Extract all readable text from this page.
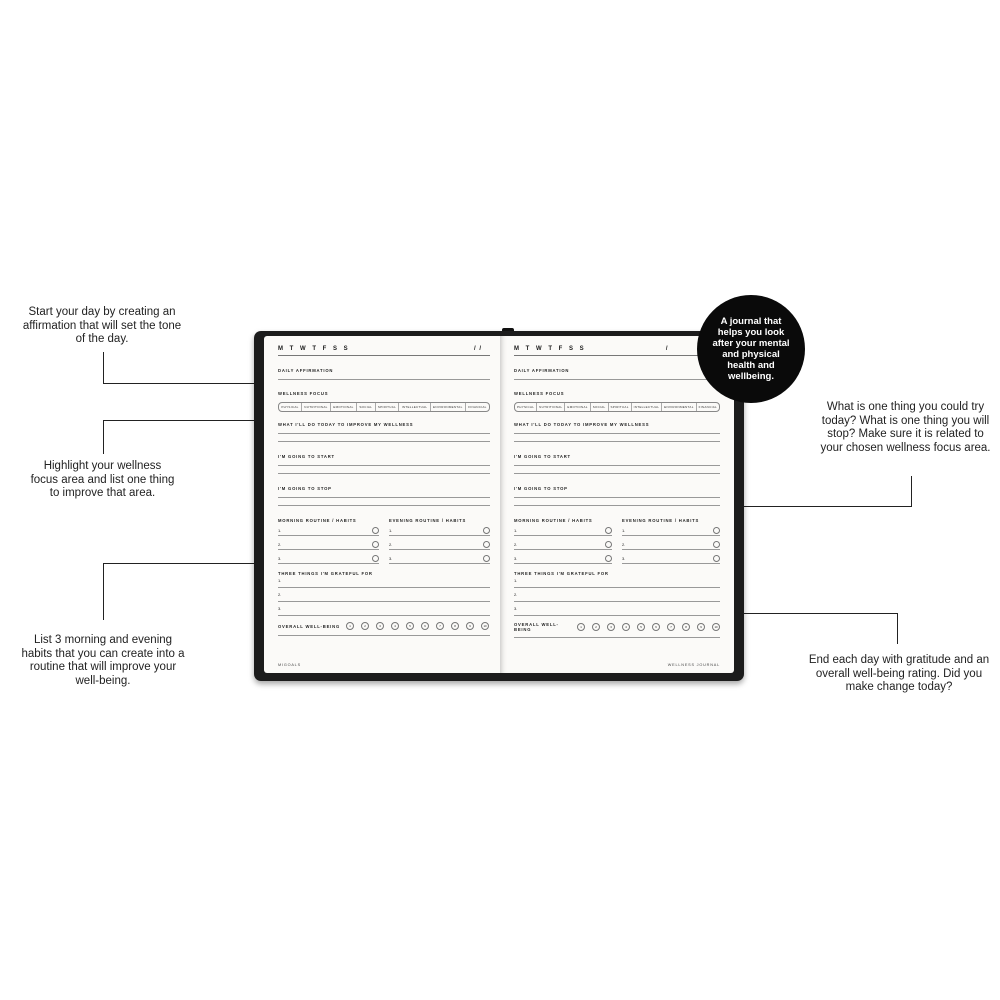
Start your day by creating an affirmation that will set the tone of the day.
Highlight your wellness focus area and list one thing to improve that area.
List 3 morning and evening habits that you can create into a routine that will improve your well-being.
What is one thing you could try today? What is one thing you will stop? Make sure it is related to your chosen wellness focus area.
End each day with gratitude and an overall well-being rating. Did you make change today?
M T W T F S S	/ /
DAILY AFFIRMATION
WELLNESS FOCUS
PHYSICAL	NUTRITIONAL	EMOTIONAL	SOCIAL	SPIRITUAL	INTELLECTUAL	ENVIRONMENTAL	FINANCIAL
WHAT I'LL DO TODAY TO IMPROVE MY WELLNESS
I'M GOING TO START
I'M GOING TO STOP
MORNING ROUTINE / HABITS
1.
2.
3.
EVENING ROUTINE / HABITS
1.
2.
3.
THREE THINGS I'M GRATEFUL FOR
1.
2.
3.
OVERALL WELL-BEING	1	2	3	4	5	6	7	8	9	10
MIGOALS
M T W T F S S	/
DAILY AFFIRMATION
WELLNESS FOCUS
PHYSICAL	NUTRITIONAL	EMOTIONAL	SOCIAL	SPIRITUAL	INTELLECTUAL	ENVIRONMENTAL	FINANCIAL
WHAT I'LL DO TODAY TO IMPROVE MY WELLNESS
I'M GOING TO START
I'M GOING TO STOP
MORNING ROUTINE / HABITS
1.
2.
3.
EVENING ROUTINE / HABITS
1.
2.
3.
THREE THINGS I'M GRATEFUL FOR
1.
2.
3.
OVERALL WELL-BEING	1	2	3	4	5	6	7	8	9	10
WELLNESS JOURNAL
A journal that helps you look after your mental and physical health and wellbeing.
